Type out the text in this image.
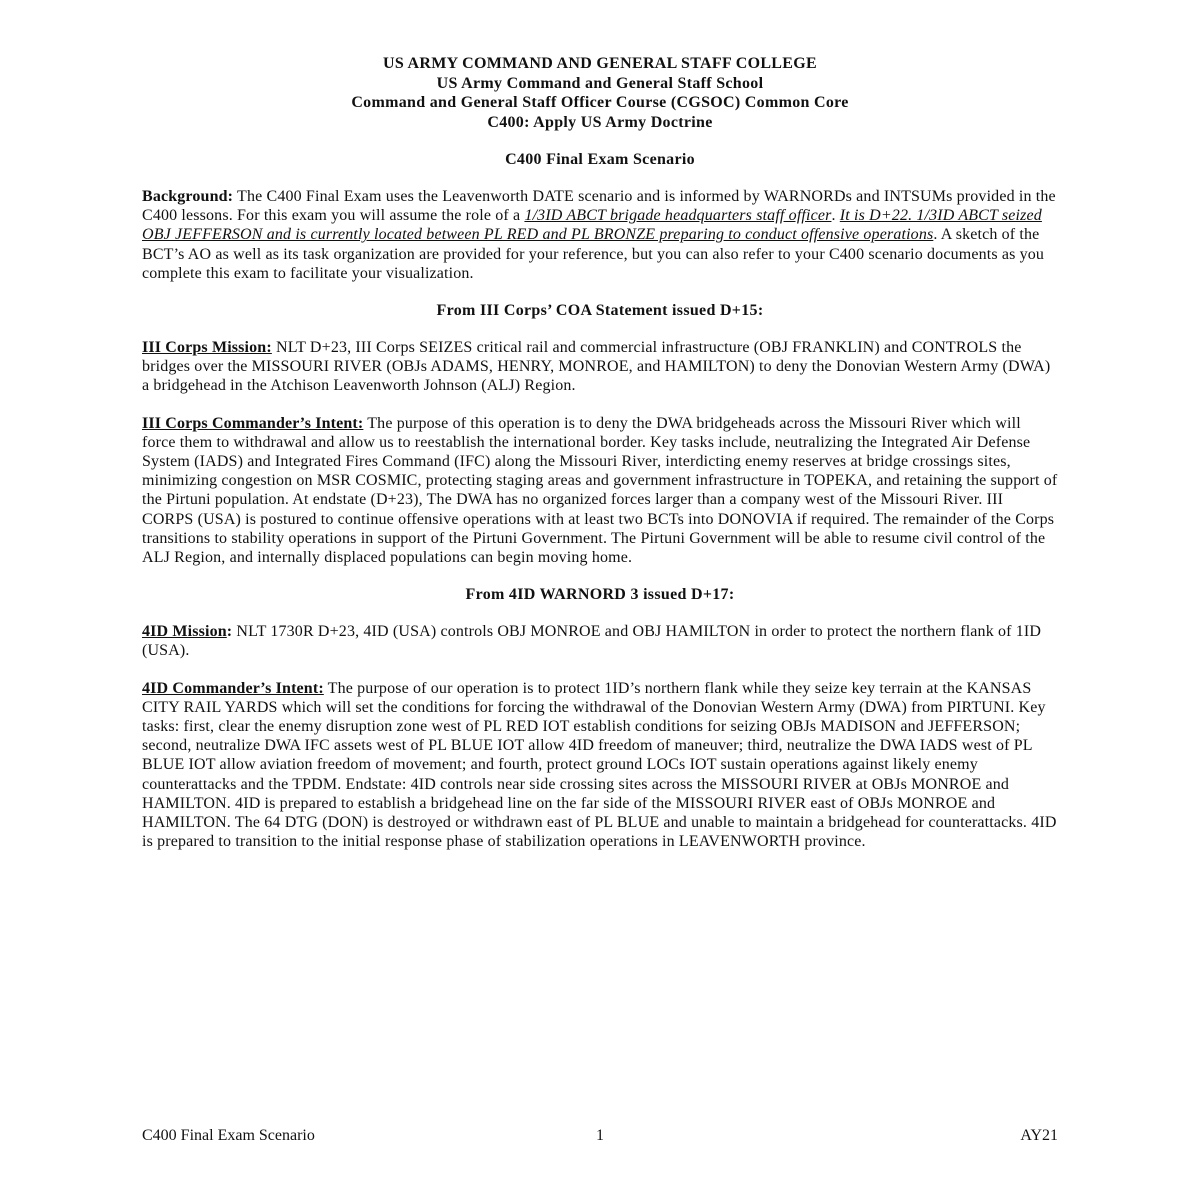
US ARMY COMMAND AND GENERAL STAFF COLLEGE
US Army Command and General Staff School
Command and General Staff Officer Course (CGSOC) Common Core
C400: Apply US Army Doctrine
C400 Final Exam Scenario

Background: The C400 Final Exam uses the Leavenworth DATE scenario and is informed by WARNORDs and INTSUMs provided in the C400 lessons. For this exam you will assume the role of a 1/3ID ABCT brigade headquarters staff officer. It is D+22. 1/3ID ABCT seized OBJ JEFFERSON and is currently located between PL RED and PL BRONZE preparing to conduct offensive operations. A sketch of the BCT’s AO as well as its task organization are provided for your reference, but you can also refer to your C400 scenario documents as you complete this exam to facilitate your visualization.

From III Corps’ COA Statement issued D+15:

III Corps Mission: NLT D+23, III Corps SEIZES critical rail and commercial infrastructure (OBJ FRANKLIN) and CONTROLS the bridges over the MISSOURI RIVER (OBJs ADAMS, HENRY, MONROE, and HAMILTON) to deny the Donovian Western Army (DWA) a bridgehead in the Atchison Leavenworth Johnson (ALJ) Region.

III Corps Commander’s Intent: The purpose of this operation is to deny the DWA bridgeheads across the Missouri River which will force them to withdrawal and allow us to reestablish the international border. Key tasks include, neutralizing the Integrated Air Defense System (IADS) and Integrated Fires Command (IFC) along the Missouri River, interdicting enemy reserves at bridge crossings sites, minimizing congestion on MSR COSMIC, protecting staging areas and government infrastructure in TOPEKA, and retaining the support of the Pirtuni population. At endstate (D+23), The DWA has no organized forces larger than a company west of the Missouri River. III CORPS (USA) is postured to continue offensive operations with at least two BCTs into DONOVIA if required. The remainder of the Corps transitions to stability operations in support of the Pirtuni Government. The Pirtuni Government will be able to resume civil control of the ALJ Region, and internally displaced populations can begin moving home.

From 4ID WARNORD 3 issued D+17:

4ID Mission: NLT 1730R D+23, 4ID (USA) controls OBJ MONROE and OBJ HAMILTON in order to protect the northern flank of 1ID (USA).

4ID Commander’s Intent: The purpose of our operation is to protect 1ID’s northern flank while they seize key terrain at the KANSAS CITY RAIL YARDS which will set the conditions for forcing the withdrawal of the Donovian Western Army (DWA) from PIRTUNI. Key tasks: first, clear the enemy disruption zone west of PL RED IOT establish conditions for seizing OBJs MADISON and JEFFERSON; second, neutralize DWA IFC assets west of PL BLUE IOT allow 4ID freedom of maneuver; third, neutralize the DWA IADS west of PL BLUE IOT allow aviation freedom of movement; and fourth, protect ground LOCs IOT sustain operations against likely enemy counterattacks and the TPDM. Endstate: 4ID controls near side crossing sites across the MISSOURI RIVER at OBJs MONROE and HAMILTON. 4ID is prepared to establish a bridgehead line on the far side of the MISSOURI RIVER east of OBJs MONROE and HAMILTON. The 64 DTG (DON) is destroyed or withdrawn east of PL BLUE and unable to maintain a bridgehead for counterattacks. 4ID is prepared to transition to the initial response phase of stabilization operations in LEAVENWORTH province.

C400 Final Exam Scenario	1	AY21
